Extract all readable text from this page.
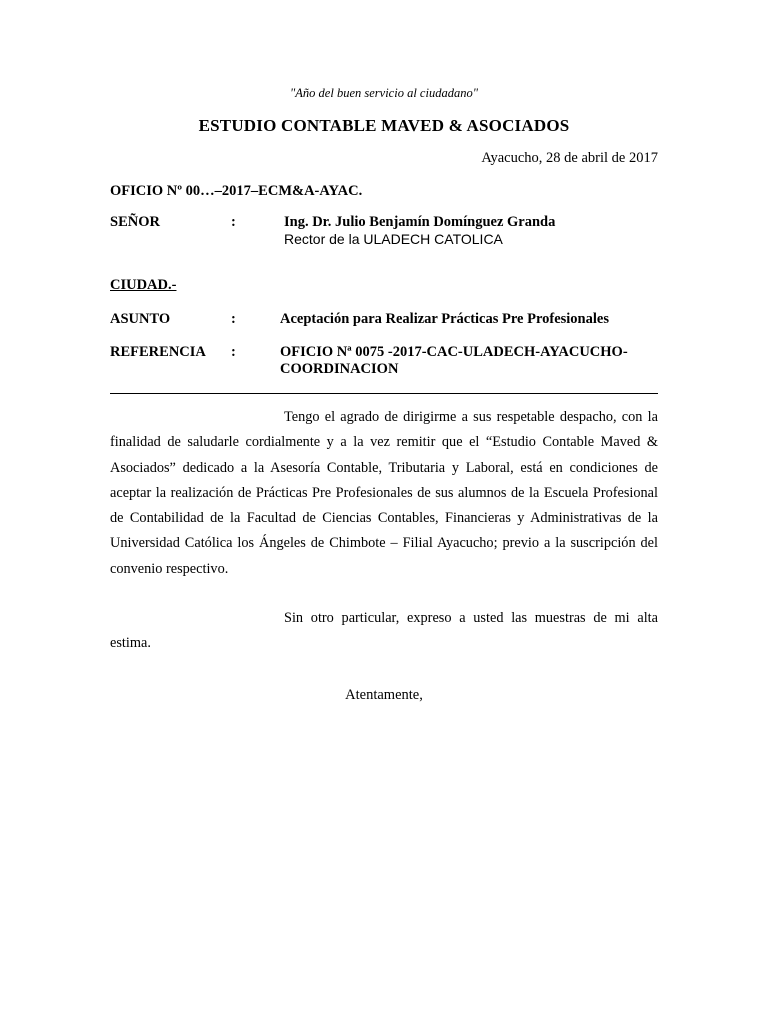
"Año del buen servicio al ciudadano"
ESTUDIO CONTABLE MAVED & ASOCIADOS
Ayacucho, 28 de abril de 2017
OFICIO Nº 00…–2017–ECM&A-AYAC.
SEÑOR	:	Ing. Dr. Julio Benjamín Domínguez Granda
Rector de la ULADECH CATOLICA
CIUDAD.-
ASUNTO	:	Aceptación para Realizar Prácticas Pre Profesionales
REFERENCIA :	OFICIO Nª 0075 -2017-CAC-ULADECH-AYACUCHO-
COORDINACION

Tengo el agrado de dirigirme a sus respetable despacho, con la finalidad de saludarle cordialmente y a la vez remitir que el “Estudio Contable Maved & Asociados” dedicado a la Asesoría Contable, Tributaria y Laboral, está en condiciones de aceptar la realización de Prácticas Pre Profesionales de sus alumnos de la Escuela Profesional de Contabilidad de la Facultad de Ciencias Contables, Financieras y Administrativas de la Universidad Católica los Ángeles de Chimbote – Filial Ayacucho; previo a la suscripción del convenio respectivo.

Sin otro particular, expreso a usted las muestras de mi alta estima.

Atentamente,
